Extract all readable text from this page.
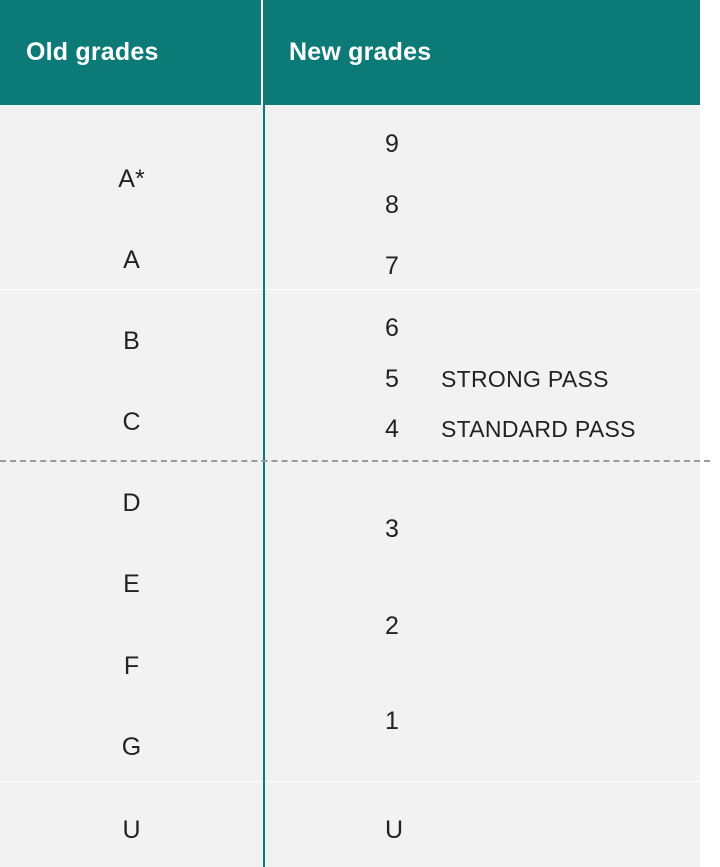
Old grades	New grades
A*
A
B
C
D
E
F
G
U
9
8
7
6
5
4
3
2
1
U
STRONG PASS
STANDARD PASS
